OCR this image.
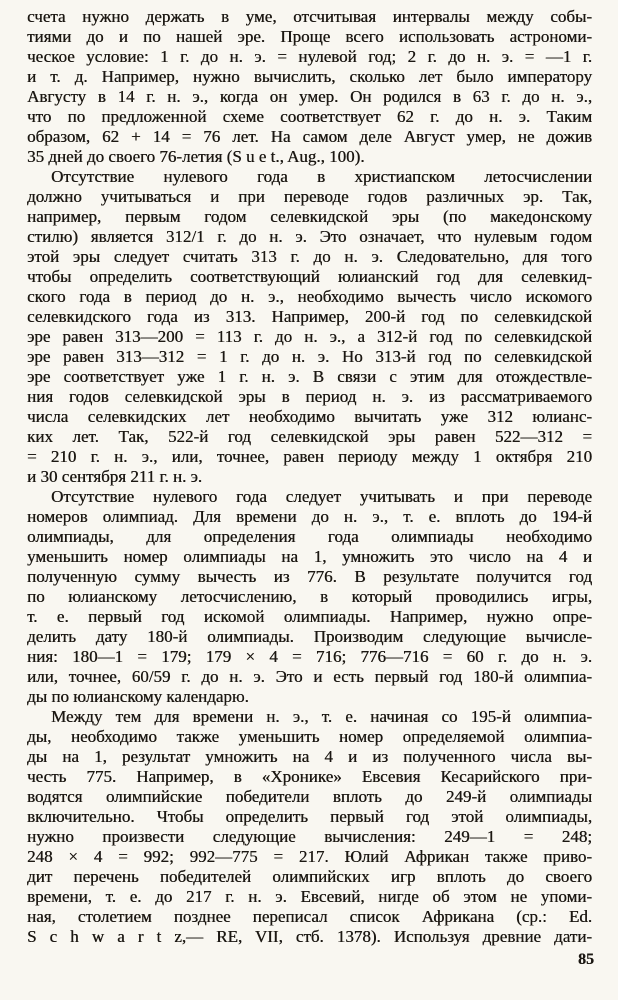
счета нужно держать в уме, отсчитывая интервалы между собы-
тиями до и по нашей эре. Проще всего использовать астрономи-
ческое условие: 1 г. до н. э. = нулевой год; 2 г. до н. э. = —1 г.
и т. д. Например, нужно вычислить, сколько лет было императору
Августу в 14 г. н. э., когда он умер. Он родился в 63 г. до н. э.,
что по предложенной схеме соответствует 62 г. до н. э. Таким
образом, 62 + 14 = 76 лет. На самом деле Август умер, не дожив
35 дней до своего 76-летия (S u e t., Aug., 100).
Отсутствие нулевого года в христиапском летосчислении
должно учитываться и при переводе годов различных эр. Так,
например, первым годом селевкидской эры (по македонскому
стилю) является 312/1 г. до н. э. Это означает, что нулевым годом
этой эры следует считать 313 г. до н. э. Следовательно, для того
чтобы определить соответствующий юлианский год для селевкид-
ского года в период до н. э., необходимо вычесть число искомого
селевкидского года из 313. Например, 200-й год по селевкидской
эре равен 313—200 = 113 г. до н. э., а 312-й год по селевкидской
эре равен 313—312 = 1 г. до н. э. Но 313-й год по селевкидской
эре соответствует уже 1 г. н. э. В связи с этим для отождествле-
ния годов селевкидской эры в период н. э. из рассматриваемого
числа селевкидских лет необходимо вычитать уже 312 юлианс-
ких лет. Так, 522-й год селевкидской эры равен 522—312 =
= 210 г. н. э., или, точнее, равен периоду между 1 октября 210
и 30 сентября 211 г. н. э.
Отсутствие нулевого года следует учитывать и при переводе
номеров олимпиад. Для времени до н. э., т. е. вплоть до 194-й
олимпиады, для определения года олимпиады необходимо
уменьшить номер олимпиады на 1, умножить это число на 4 и
полученную сумму вычесть из 776. В результате получится год
по юлианскому летосчислению, в который проводились игры,
т. е. первый год искомой олимпиады. Например, нужно опре-
делить дату 180-й олимпиады. Производим следующие вычисле-
ния: 180—1 = 179; 179 × 4 = 716; 776—716 = 60 г. до н. э.
или, точнее, 60/59 г. до н. э. Это и есть первый год 180-й олимпиа-
ды по юлианскому календарю.
Между тем для времени н. э., т. е. начиная со 195-й олимпиа-
ды, необходимо также уменьшить номер определяемой олимпиа-
ды на 1, результат умножить на 4 и из полученного числа вы-
честь 775. Например, в «Хронике» Евсевия Кесарийского при-
водятся олимпийские победители вплоть до 249-й олимпиады
включительно. Чтобы определить первый год этой олимпиады,
нужно произвести следующие вычисления: 249—1 = 248;
248 × 4 = 992; 992—775 = 217. Юлий Африкан также приво-
дит перечень победителей олимпийских игр вплоть до своего
времени, т. е. до 217 г. н. э. Евсевий, нигде об этом не упоми-
ная, столетием позднее переписал список Африкана (ср.: Ed.
S c h w a r t z,— RE, VII, стб. 1378). Используя древние дати-
85
